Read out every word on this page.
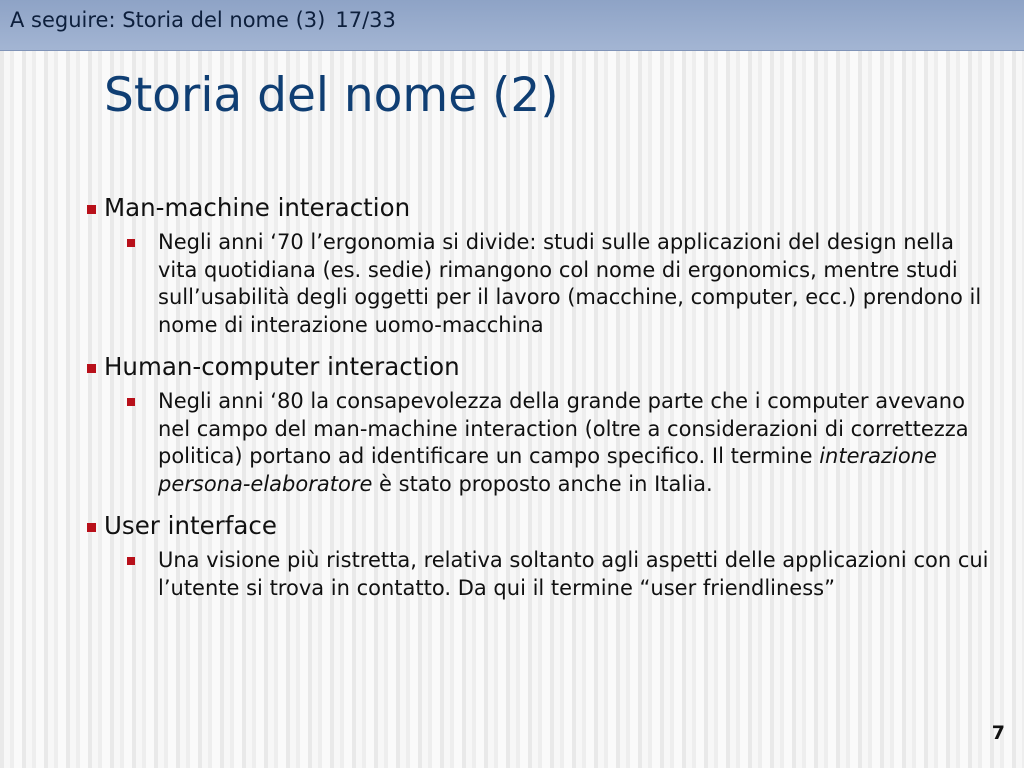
A seguire: Storia del nome (3) 17/33
Storia del nome (2)
Man-machine interaction
Negli anni ‘70 l’ergonomia si divide: studi sulle applicazioni del design nella vita quotidiana (es. sedie) rimangono col nome di ergonomics, mentre studi sull’usabilità degli oggetti per il lavoro (macchine, computer, ecc.) prendono il nome di interazione uomo-macchina
Human-computer interaction
Negli anni ‘80 la consapevolezza della grande parte che i computer avevano nel campo del man-machine interaction (oltre a considerazioni di correttezza politica) portano ad identificare un campo specifico. Il termine interazione persona-elaboratore è stato proposto anche in Italia.
User interface
Una visione più ristretta, relativa soltanto agli aspetti delle applicazioni con cui l’utente si trova in contatto. Da qui il termine “user friendliness”
7
